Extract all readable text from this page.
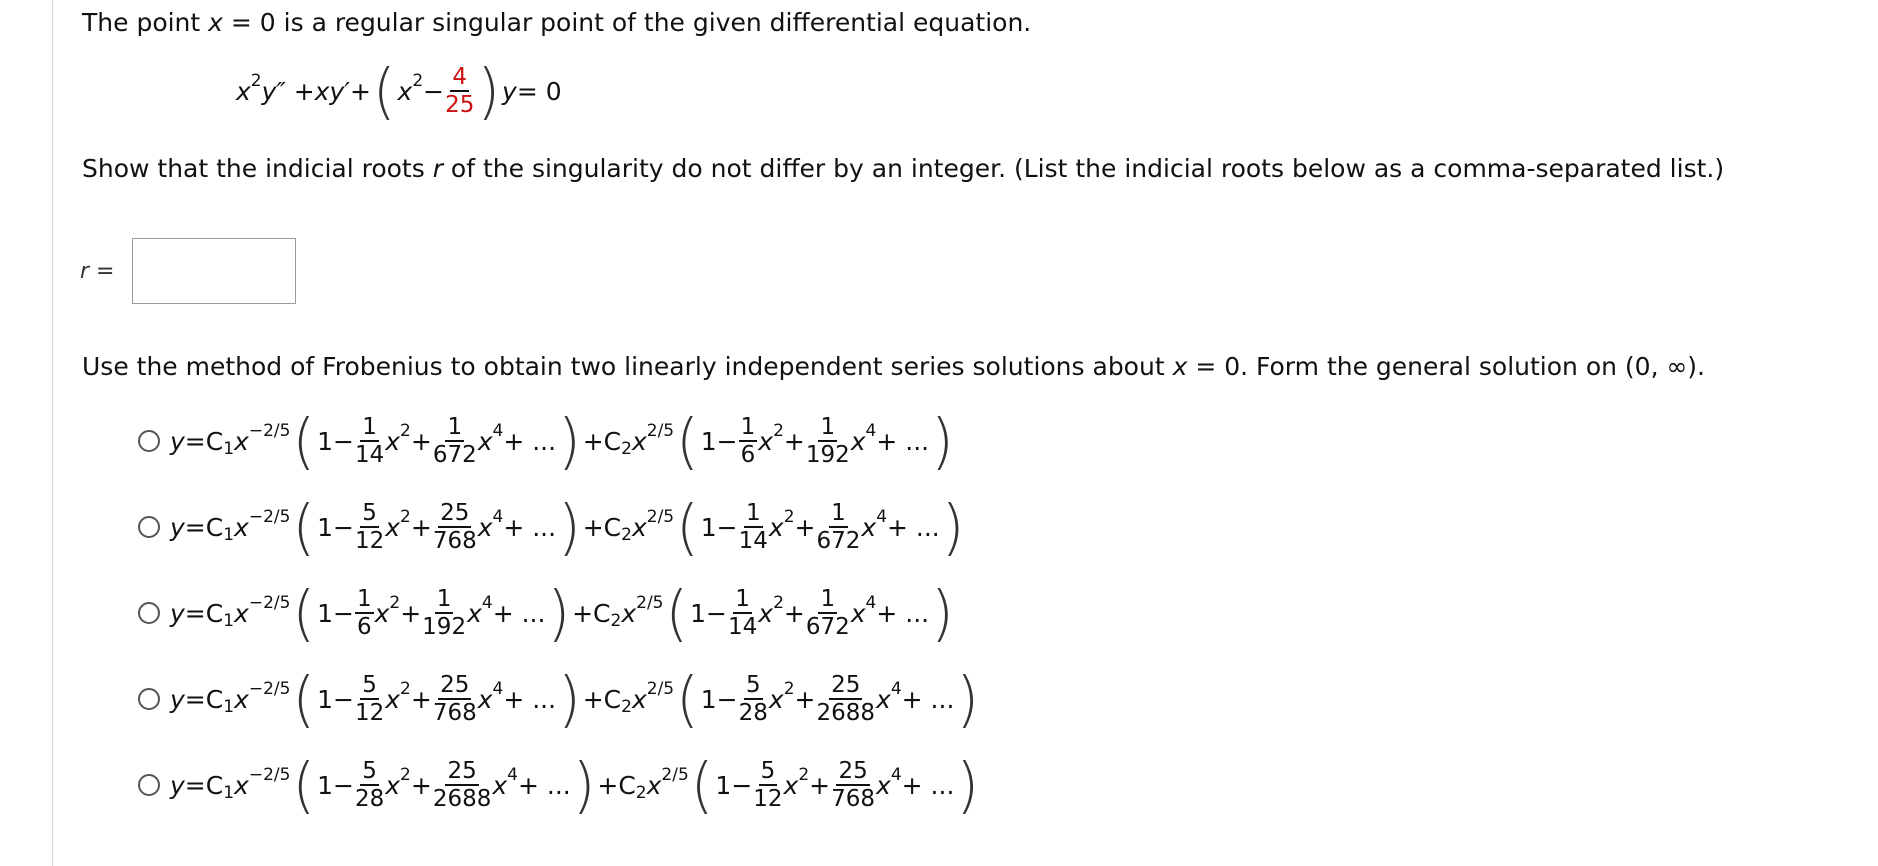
The point x = 0 is a regular singular point of the given differential equation.
x 2 y″ + xy′ + ( x $2 - \frac{4}{25}$ ) y = 0
Show that the indicial roots r of the singularity do not differ by an integer. (List the indicial roots below as a comma-separated list.)
r =
Use the method of Frobenius to obtain two linearly independent series solutions about x = 0. Form the general solution on (0, ∞).
y = C 1 x −2/5 ( $1 - \frac{1}{14}$ x $2 + \frac{1}{672}$ x 4 + ... ) + C 2 x 2/5 ( $1 - \frac{1}{6}$ x $2 + \frac{1}{192}$ x 4 + ... )
y = C 1 x −2/5 ( $1 - \frac{5}{12}$ x $2 + \frac{25}{768}$ x 4 + ... ) + C 2 x 2/5 ( $1 - \frac{1}{14}$ x $2 + \frac{1}{672}$ x 4 + ... )
y = C 1 x −2/5 ( $1 - \frac{1}{6}$ x $2 + \frac{1}{192}$ x 4 + ... ) + C 2 x 2/5 ( $1 - \frac{1}{14}$ x $2 + \frac{1}{672}$ x 4 + ... )
y = C 1 x −2/5 ( $1 - \frac{5}{12}$ x $2 + \frac{25}{768}$ x 4 + ... ) + C 2 x 2/5 ( $1 - \frac{5}{28}$ x $2 + \frac{25}{2688}$ x 4 + ... )
y = C 1 x −2/5 ( $1 - \frac{5}{28}$ x $2 + \frac{25}{2688}$ x 4 + ... ) + C 2 x 2/5 ( $1 - \frac{5}{12}$ x $2 + \frac{25}{768}$ x 4 + ... )
